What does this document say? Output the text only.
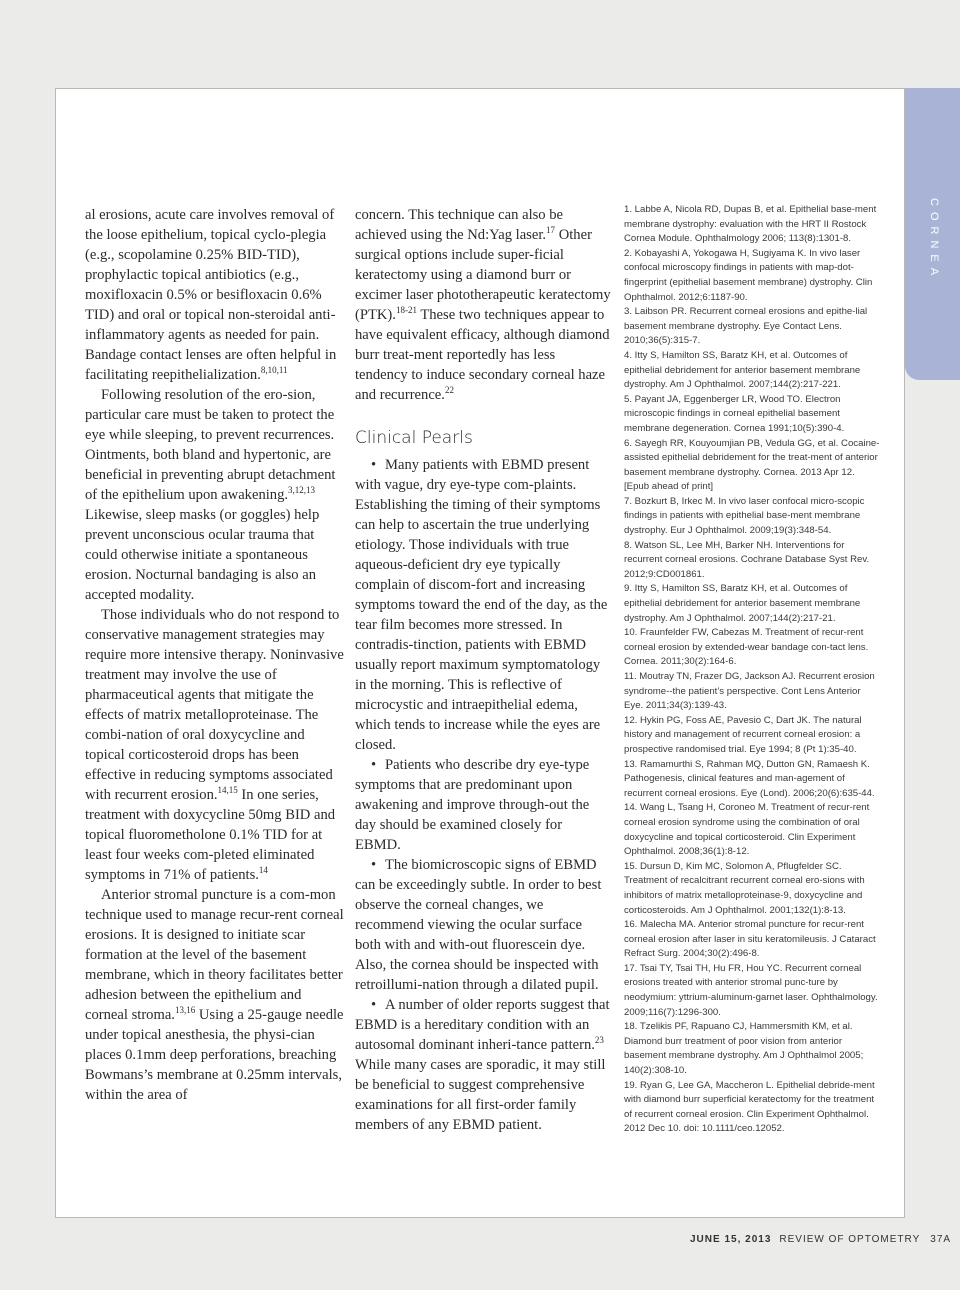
CORNEA

al erosions, acute care involves removal of the loose epithelium, topical cyclo-plegia (e.g., scopolamine 0.25% BID-TID), prophylactic topical antibiotics (e.g., moxifloxacin 0.5% or besifloxacin 0.6% TID) and oral or topical non-steroidal anti-inflammatory agents as needed for pain. Bandage contact lenses are often helpful in facilitating reepithelialization.$^{8,10,11}$

Following resolution of the ero-sion, particular care must be taken to protect the eye while sleeping, to prevent recurrences. Ointments, both bland and hypertonic, are beneficial in preventing abrupt detachment of the epithelium upon awakening.$^{3,12,13}$ Likewise, sleep masks (or goggles) help prevent unconscious ocular trauma that could otherwise initiate a spontaneous erosion. Nocturnal bandaging is also an accepted modality.

Those individuals who do not respond to conservative management strategies may require more intensive therapy. Noninvasive treatment may involve the use of pharmaceutical agents that mitigate the effects of matrix metalloproteinase. The combi-nation of oral doxycycline and topical corticosteroid drops has been effective in reducing symptoms associated with recurrent erosion.$^{14,15}$ In one series, treatment with doxycycline 50mg BID and topical fluorometholone 0.1% TID for at least four weeks com-pleted eliminated symptoms in 71% of patients.$^{14}$

Anterior stromal puncture is a com-mon technique used to manage recur-rent corneal erosions. It is designed to initiate scar formation at the level of the basement membrane, which in theory facilitates better adhesion between the epithelium and corneal stroma.$^{13,16}$ Using a 25-gauge needle under topical anesthesia, the physi-cian places 0.1mm deep perforations, breaching Bowmans’s membrane at 0.25mm intervals, within the area of

concern. This technique can also be achieved using the Nd:Yag laser.$^{17}$ Other surgical options include super-ficial keratectomy using a diamond burr or excimer laser phototherapeutic keratectomy (PTK).$^{18-21}$ These two techniques appear to have equivalent efficacy, although diamond burr treat-ment reportedly has less tendency to induce secondary corneal haze and recurrence.$^{22}$

Clinical Pearls

• Many patients with EBMD present with vague, dry eye-type com-plaints. Establishing the timing of their symptoms can help to ascertain the true underlying etiology. Those individuals with true aqueous-deficient dry eye typically complain of discom-fort and increasing symptoms toward the end of the day, as the tear film becomes more stressed. In contradis-tinction, patients with EBMD usually report maximum symptomatology in the morning. This is reflective of microcystic and intraepithelial edema, which tends to increase while the eyes are closed.

• Patients who describe dry eye-type symptoms that are predominant upon awakening and improve through-out the day should be examined closely for EBMD.

• The biomicroscopic signs of EBMD can be exceedingly subtle. In order to best observe the corneal changes, we recommend viewing the ocular surface both with and with-out fluorescein dye. Also, the cornea should be inspected with retroillumi-nation through a dilated pupil.

• A number of older reports suggest that EBMD is a hereditary condition with an autosomal dominant inheri-tance pattern.$^{23}$ While many cases are sporadic, it may still be beneficial to suggest comprehensive examinations for all first-order family members of any EBMD patient.

1. Labbe A, Nicola RD, Dupas B, et al. Epithelial base-ment membrane dystrophy: evaluation with the HRT II Rostock Cornea Module. Ophthalmology 2006; 113(8):1301-8.
2. Kobayashi A, Yokogawa H, Sugiyama K. In vivo laser confocal microscopy findings in patients with map-dot-fingerprint (epithelial basement membrane) dystrophy. Clin Ophthalmol. 2012;6:1187-90.
3. Laibson PR. Recurrent corneal erosions and epithe-lial basement membrane dystrophy. Eye Contact Lens. 2010;36(5):315-7.
4. Itty S, Hamilton SS, Baratz KH, et al. Outcomes of epithelial debridement for anterior basement membrane dystrophy. Am J Ophthalmol. 2007;144(2):217-221.
5. Payant JA, Eggenberger LR, Wood TO. Electron microscopic findings in corneal epithelial basement membrane degeneration. Cornea 1991;10(5):390-4.
6. Sayegh RR, Kouyoumjian PB, Vedula GG, et al. Cocaine-assisted epithelial debridement for the treat-ment of anterior basement membrane dystrophy. Cornea. 2013 Apr 12. [Epub ahead of print]
7. Bozkurt B, Irkec M. In vivo laser confocal micro-scopic findings in patients with epithelial base-ment membrane dystrophy. Eur J Ophthalmol. 2009;19(3):348-54.
8. Watson SL, Lee MH, Barker NH. Interventions for recurrent corneal erosions. Cochrane Database Syst Rev. 2012;9:CD001861.
9. Itty S, Hamilton SS, Baratz KH, et al. Outcomes of epithelial debridement for anterior basement membrane dystrophy. Am J Ophthalmol. 2007;144(2):217-21.
10. Fraunfelder FW, Cabezas M. Treatment of recur-rent corneal erosion by extended-wear bandage con-tact lens. Cornea. 2011;30(2):164-6.
11. Moutray TN, Frazer DG, Jackson AJ. Recurrent erosion syndrome--the patient’s perspective. Cont Lens Anterior Eye. 2011;34(3):139-43.
12. Hykin PG, Foss AE, Pavesio C, Dart JK. The natural history and management of recurrent corneal erosion: a prospective randomised trial. Eye 1994; 8 (Pt 1):35-40.
13. Ramamurthi S, Rahman MQ, Dutton GN, Ramaesh K. Pathogenesis, clinical features and man-agement of recurrent corneal erosions. Eye (Lond). 2006;20(6):635-44.
14. Wang L, Tsang H, Coroneo M. Treatment of recur-rent corneal erosion syndrome using the combination of oral doxycycline and topical corticosteroid. Clin Experiment Ophthalmol. 2008;36(1):8-12.
15. Dursun D, Kim MC, Solomon A, Pflugfelder SC. Treatment of recalcitrant recurrent corneal ero-sions with inhibitors of matrix metalloproteinase-9, doxycycline and corticosteroids. Am J Ophthalmol. 2001;132(1):8-13.
16. Malecha MA. Anterior stromal puncture for recur-rent corneal erosion after laser in situ keratomileusis. J Cataract Refract Surg. 2004;30(2):496-8.
17. Tsai TY, Tsai TH, Hu FR, Hou YC. Recurrent corneal erosions treated with anterior stromal punc-ture by neodymium: yttrium-aluminum-garnet laser. Ophthalmology. 2009;116(7):1296-300.
18. Tzelikis PF, Rapuano CJ, Hammersmith KM, et al. Diamond burr treatment of poor vision from anterior basement membrane dystrophy. Am J Ophthalmol 2005; 140(2):308-10.
19. Ryan G, Lee GA, Maccheron L. Epithelial debride-ment with diamond burr superficial keratectomy for the treatment of recurrent corneal erosion. Clin Experiment Ophthalmol. 2012 Dec 10. doi: 10.1111/ceo.12052.
JUNE 15, 2013 REVIEW OF OPTOMETRY 37A
